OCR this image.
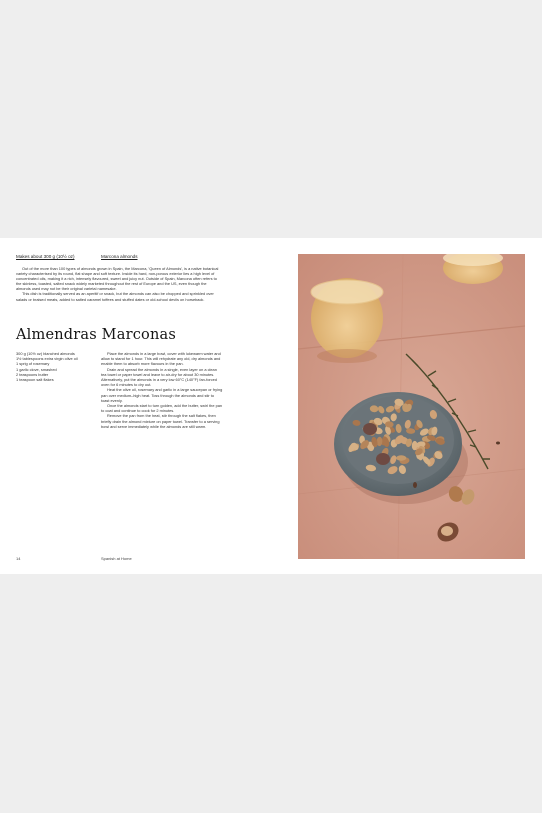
Makes about 300 g (10½ oz)	Marcona almonds

Out of the more than 100 types of almonds grown in Spain, the Marcona, 'Queen of Almonds', is a native botanical variety characterised by its round, flat shape and soft texture. Inside its hard, non-porous exterior lies a high level of concentrated oils, making it a rich, intensely flavoured, sweet and juicy nut. Outside of Spain, Marcona often refers to the skinless, toasted, salted snack widely marketed throughout the rest of Europe and the US, even though the almonds used may not be their original varietal namesake.

This dish is traditionally served as an aperitif or snack, but the almonds can also be chopped and sprinkled over salads or braised meats, added to salted caramel toffees and stuffed dates or old-school devils on horseback.

Almendras Marconas
300 g (10½ oz) blanched almonds
1½ tablespoons extra virgin olive oil
1 sprig of rosemary
1 garlic clove, smashed
2 teaspoons butter
1 teaspoon salt flakes

Place the almonds in a large bowl, cover with lukewarm water and allow to stand for 1 hour. This will rehydrate any old, dry almonds and enable them to absorb more flavours in the pan.

Drain and spread the almonds in a single, even layer on a clean tea towel or paper towel and leave to air-dry for about 30 minutes. Alternatively, put the almonds in a very low 60°C (140°F) fan-forced oven for 6 minutes to dry out.

Heat the olive oil, rosemary and garlic in a large saucepan or frying pan over medium–high heat. Toss through the almonds and stir to toast evenly.

Once the almonds start to turn golden, add the butter, swirl the pan to coat and continue to cook for 2 minutes.

Remove the pan from the heat, stir through the salt flakes, then briefly drain the almond mixture on paper towel. Transfer to a serving bowl and serve immediately while the almonds are still warm.

14	Spanish at Home
